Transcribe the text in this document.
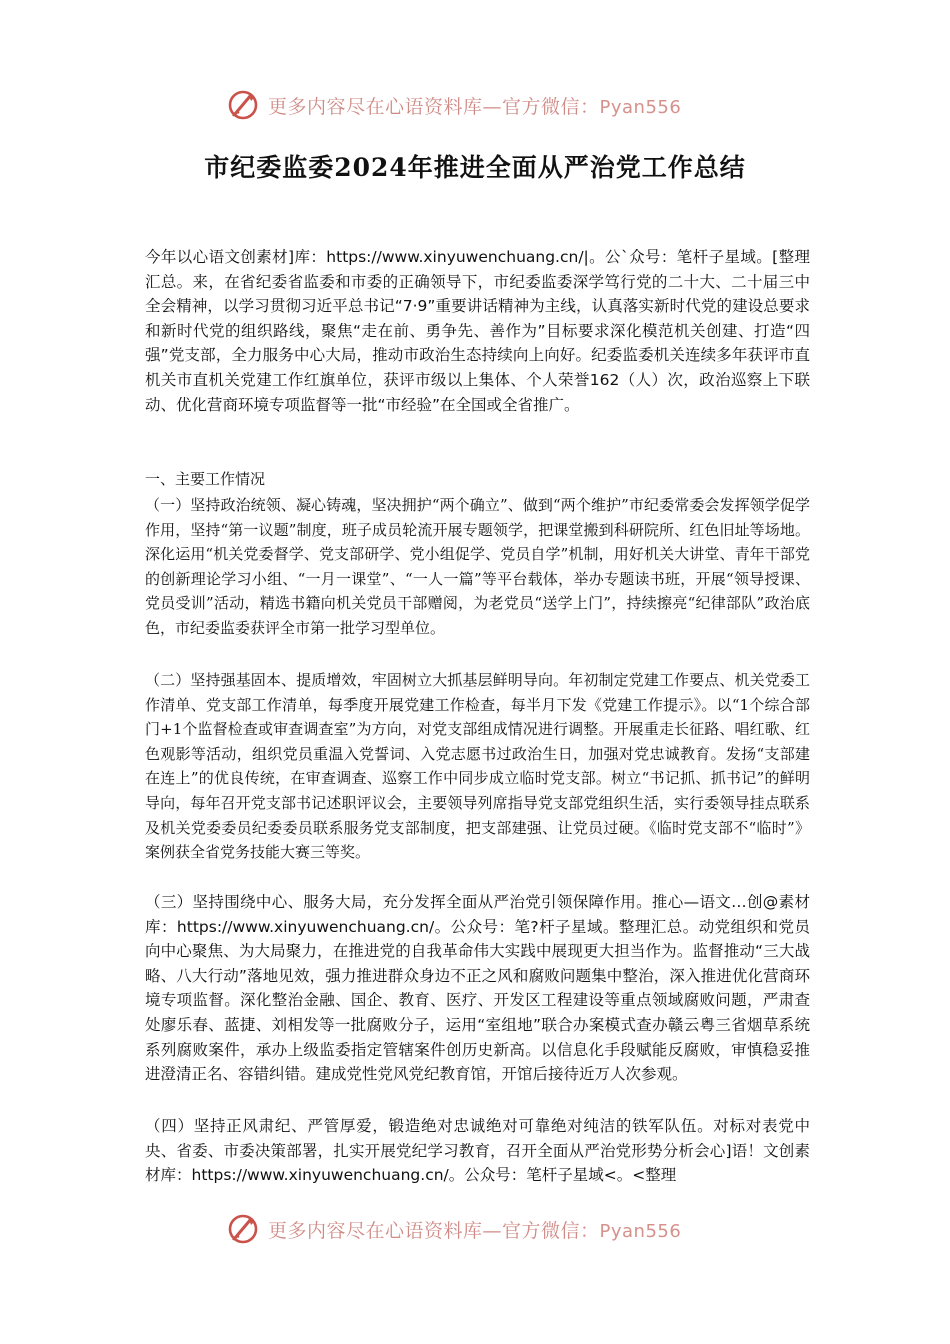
更多内容尽在心语资料库—官方微信：Pyan556
市纪委监委2024年推进全面从严治党工作总结

今年以心语文创素材]库：https://www.xinyuwenchuang.cn/|。公`众号：笔杆子星域。[整理汇总。来，在省纪委省监委和市委的正确领导下，市纪委监委深学笃行党的二十大、二十届三中全会精神，以学习贯彻习近平总书记“7·9”重要讲话精神为主线，认真落实新时代党的建设总要求和新时代党的组织路线，聚焦“走在前、勇争先、善作为”目标要求深化模范机关创建、打造“四强”党支部，全力服务中心大局，推动市政治生态持续向上向好。纪委监委机关连续多年获评市直机关市直机关党建工作红旗单位，获评市级以上集体、个人荣誉162（人）次，政治巡察上下联动、优化营商环境专项监督等一批“市经验”在全国或全省推广。

一、主要工作情况

（一）坚持政治统领、凝心铸魂，坚决拥护“两个确立”、做到“两个维护”市纪委常委会发挥领学促学作用，坚持“第一议题”制度，班子成员轮流开展专题领学，把课堂搬到科研院所、红色旧址等场地。深化运用“机关党委督学、党支部研学、党小组促学、党员自学”机制，用好机关大讲堂、青年干部党的创新理论学习小组、“一月一课堂”、“一人一篇”等平台载体，举办专题读书班，开展“领导授课、党员受训”活动，精选书籍向机关党员干部赠阅，为老党员“送学上门”，持续擦亮“纪律部队”政治底色，市纪委监委获评全市第一批学习型单位。

（二）坚持强基固本、提质增效，牢固树立大抓基层鲜明导向。年初制定党建工作要点、机关党委工作清单、党支部工作清单，每季度开展党建工作检查，每半月下发《党建工作提示》。以“1个综合部门+1个监督检查或审查调查室”为方向，对党支部组成情况进行调整。开展重走长征路、唱红歌、红色观影等活动，组织党员重温入党誓词、入党志愿书过政治生日，加强对党忠诚教育。发扬“支部建在连上”的优良传统，在审查调查、巡察工作中同步成立临时党支部。树立“书记抓、抓书记”的鲜明导向，每年召开党支部书记述职评议会，主要领导列席指导党支部党组织生活，实行委领导挂点联系及机关党委委员纪委委员联系服务党支部制度，把支部建强、让党员过硬。《临时党支部不“临时”》案例获全省党务技能大赛三等奖。

（三）坚持围绕中心、服务大局，充分发挥全面从严治党引领保障作用。推心—语文…创@素材库：https://www.xinyuwenchuang.cn/。公众号：笔?杆子星域。整理汇总。动党组织和党员向中心聚焦、为大局聚力，在推进党的自我革命伟大实践中展现更大担当作为。监督推动“三大战略、八大行动”落地见效，强力推进群众身边不正之风和腐败问题集中整治，深入推进优化营商环境专项监督。深化整治金融、国企、教育、医疗、开发区工程建设等重点领域腐败问题，严肃查处廖乐春、蓝捷、刘相发等一批腐败分子，运用“室组地”联合办案模式查办赣云粤三省烟草系统系列腐败案件，承办上级监委指定管辖案件创历史新高。以信息化手段赋能反腐败，审慎稳妥推进澄清正名、容错纠错。建成党性党风党纪教育馆，开馆后接待近万人次参观。

（四）坚持正风肃纪、严管厚爱，锻造绝对忠诚绝对可靠绝对纯洁的铁军队伍。对标对表党中央、省委、市委决策部署，扎实开展党纪学习教育，召开全面从严治党形势分析会心]语！文创素材库：https://www.xinyuwenchuang.cn/。公众号：笔杆子星域<。<整理

更多内容尽在心语资料库—官方微信：Pyan556
